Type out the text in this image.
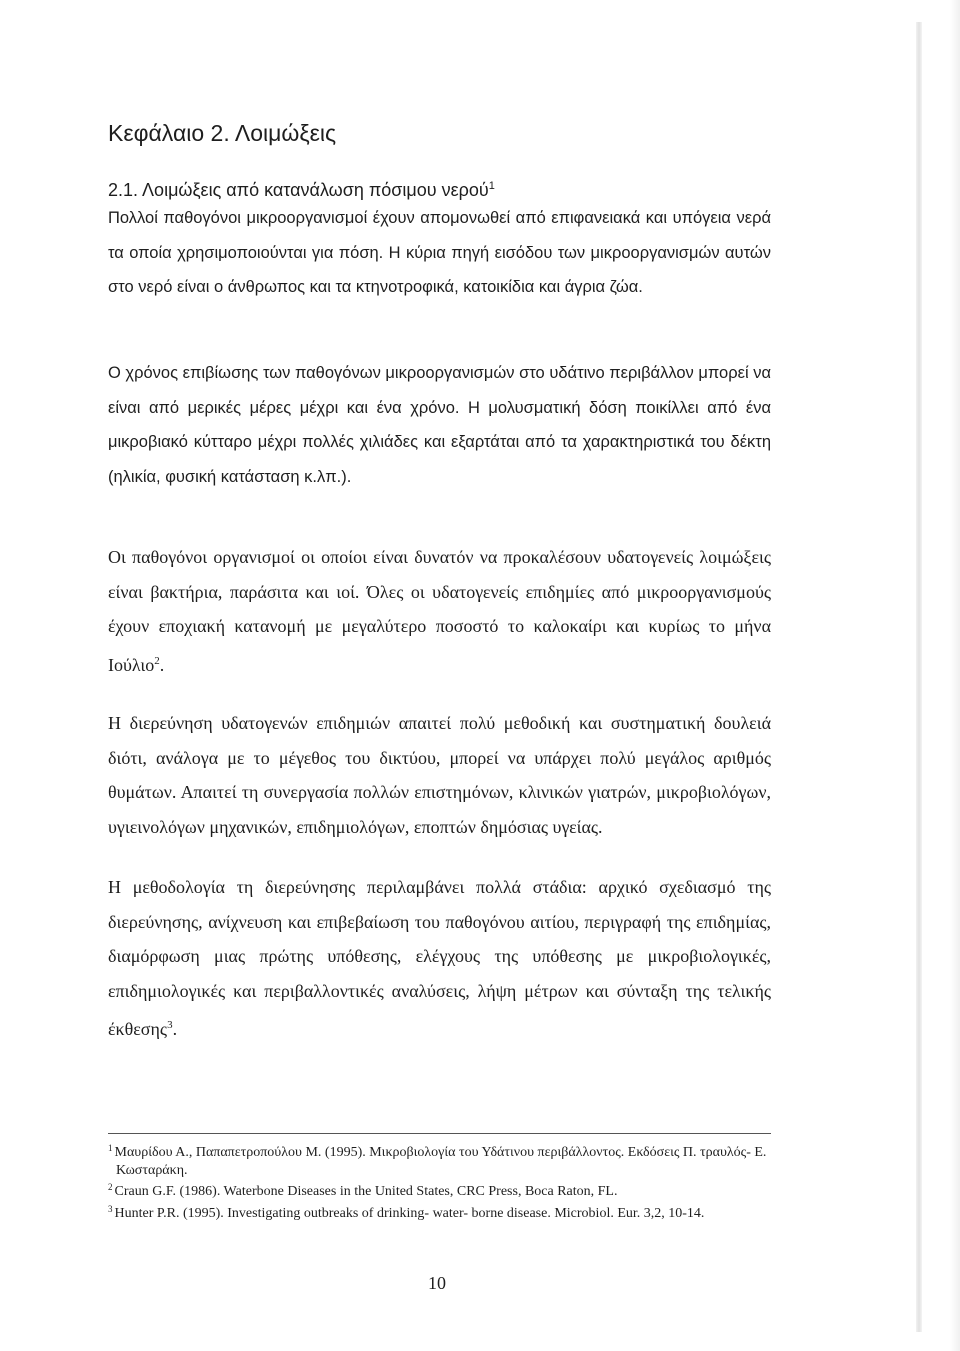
Κεφάλαιο 2. Λοιμώξεις
2.1. Λοιμώξεις από κατανάλωση πόσιμου νερού$^1$

Πολλοί παθογόνοι μικροοργανισμοί έχουν απομονωθεί από επιφανειακά και υπόγεια νερά τα οποία χρησιμοποιούνται για πόση. Η κύρια πηγή εισόδου των μικροοργανισμών αυτών στο νερό είναι ο άνθρωπος και τα κτηνοτροφικά, κατοικίδια και άγρια ζώα.

Ο χρόνος επιβίωσης των παθογόνων μικροοργανισμών στο υδάτινο περιβάλλον μπορεί να είναι από μερικές μέρες μέχρι και ένα χρόνο. Η μολυσματική δόση ποικίλλει από ένα μικροβιακό κύτταρο μέχρι πολλές χιλιάδες και εξαρτάται από τα χαρακτηριστικά του δέκτη (ηλικία, φυσική κατάσταση κ.λπ.).

Οι παθογόνοι οργανισμοί οι οποίοι είναι δυνατόν να προκαλέσουν υδατογενείς λοιμώξεις είναι βακτήρια, παράσιτα και ιοί. Όλες οι υδατογενείς επιδημίες από μικροοργανισμούς έχουν εποχιακή κατανομή με μεγαλύτερο ποσοστό το καλοκαίρι και κυρίως το μήνα Ιούλιο$^2$.

Η διερεύνηση υδατογενών επιδημιών απαιτεί πολύ μεθοδική και συστηματική δουλειά διότι, ανάλογα με το μέγεθος του δικτύου, μπορεί να υπάρχει πολύ μεγάλος αριθμός θυμάτων. Απαιτεί τη συνεργασία πολλών επιστημόνων, κλινικών γιατρών, μικροβιολόγων, υγιεινολόγων μηχανικών, επιδημιολόγων, εποπτών δημόσιας υγείας.

Η μεθοδολογία τη διερεύνησης περιλαμβάνει πολλά στάδια: αρχικό σχεδιασμό της διερεύνησης, ανίχνευση και επιβεβαίωση του παθογόνου αιτίου, περιγραφή της επιδημίας, διαμόρφωση μιας πρώτης υπόθεσης, ελέγχους της υπόθεσης με μικροβιολογικές, επιδημιολογικές και περιβαλλοντικές αναλύσεις, λήψη μέτρων και σύνταξη της τελικής έκθεσης$^3$.

$^1$ Μαυρίδου Α., Παπαπετροπούλου Μ. (1995). Μικροβιολογία του Υδάτινου περιβάλλοντος. Εκδόσεις Π. τραυλός- Ε. Κωσταράκη.

$^2$ Craun G.F. (1986). Waterbone Diseases in the United States, CRC Press, Boca Raton, FL.

$^3$ Hunter P.R. (1995). Investigating outbreaks of drinking- water- borne disease. Microbiol. Eur. 3,2, 10-14.

10
